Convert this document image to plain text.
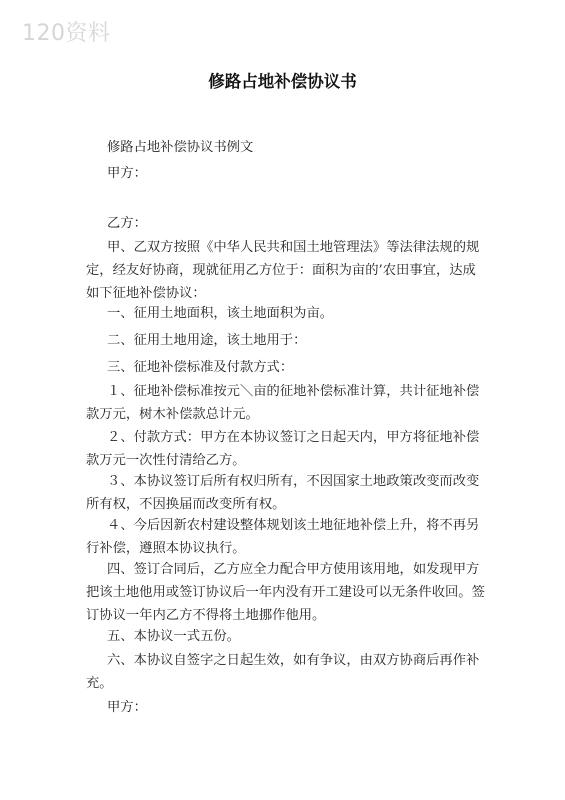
120资料
修路占地补偿协议书
修路占地补偿协议书例文
甲方：
乙方：

甲、乙双方按照《中华人民共和国土地管理法》等法律法规的规定，经友好协商，现就征用乙方位于：面积为亩的’农田事宜，达成如下征地补偿协议：

一、征用土地面积，该土地面积为亩。
二、征用土地用途，该土地用于：
三、征地补偿标准及付款方式：

１、征地补偿标准按元＼亩的征地补偿标准计算，共计征地补偿款万元，树木补偿款总计元。

２、付款方式：甲方在本协议签订之日起天内，甲方将征地补偿款万元一次性付清给乙方。

３、本协议签订后所有权归所有，不因国家土地政策改变而改变所有权，不因换届而改变所有权。

４、今后因新农村建设整体规划该土地征地补偿上升，将不再另行补偿，遵照本协议执行。

四、签订合同后，乙方应全力配合甲方使用该用地，如发现甲方把该土地他用或签订协议后一年内没有开工建设可以无条件收回。签订协议一年内乙方不得将土地挪作他用。

五、本协议一式五份。

六、本协议自签字之日起生效，如有争议，由双方协商后再作补充。

甲方：
